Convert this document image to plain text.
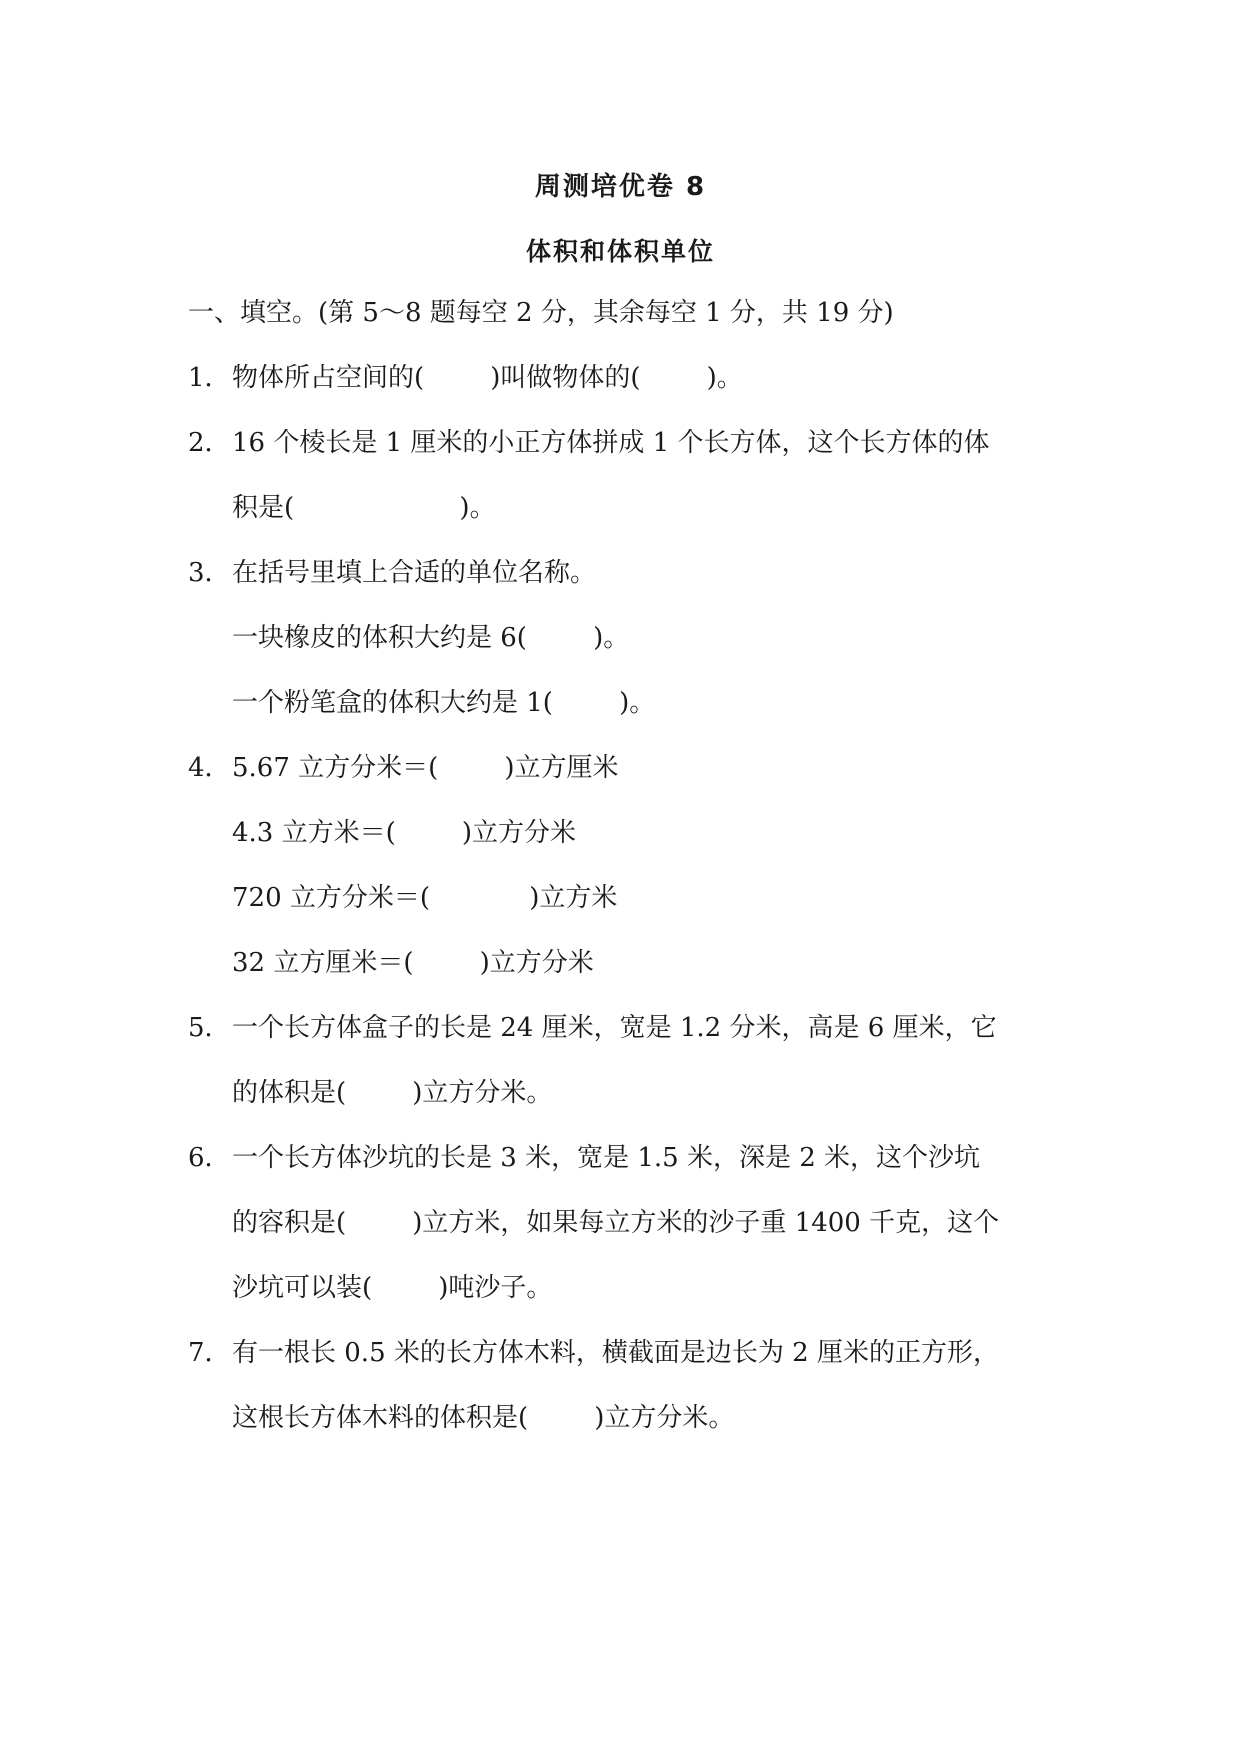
周测培优卷 8
体积和体积单位
一、填空。(第 5～8 题每空 2 分，其余每空 1 分，共 19 分)
1．物体所占空间的(        )叫做物体的(        )。
2．16 个棱长是 1 厘米的小正方体拼成 1 个长方体，这个长方体的体
积是(                    )。
3．在括号里填上合适的单位名称。
一块橡皮的体积大约是 6(        )。
一个粉笔盒的体积大约是 1(        )。
4．5.67 立方分米＝(        )立方厘米
4.3 立方米＝(        )立方分米
720 立方分米＝(            )立方米
32 立方厘米＝(        )立方分米
5．一个长方体盒子的长是 24 厘米，宽是 1.2 分米，高是 6 厘米，它
的体积是(        )立方分米。
6．一个长方体沙坑的长是 3 米，宽是 1.5 米，深是 2 米，这个沙坑
的容积是(        )立方米，如果每立方米的沙子重 1400 千克，这个
沙坑可以装(        )吨沙子。
7．有一根长 0.5 米的长方体木料，横截面是边长为 2 厘米的正方形，
这根长方体木料的体积是(        )立方分米。
